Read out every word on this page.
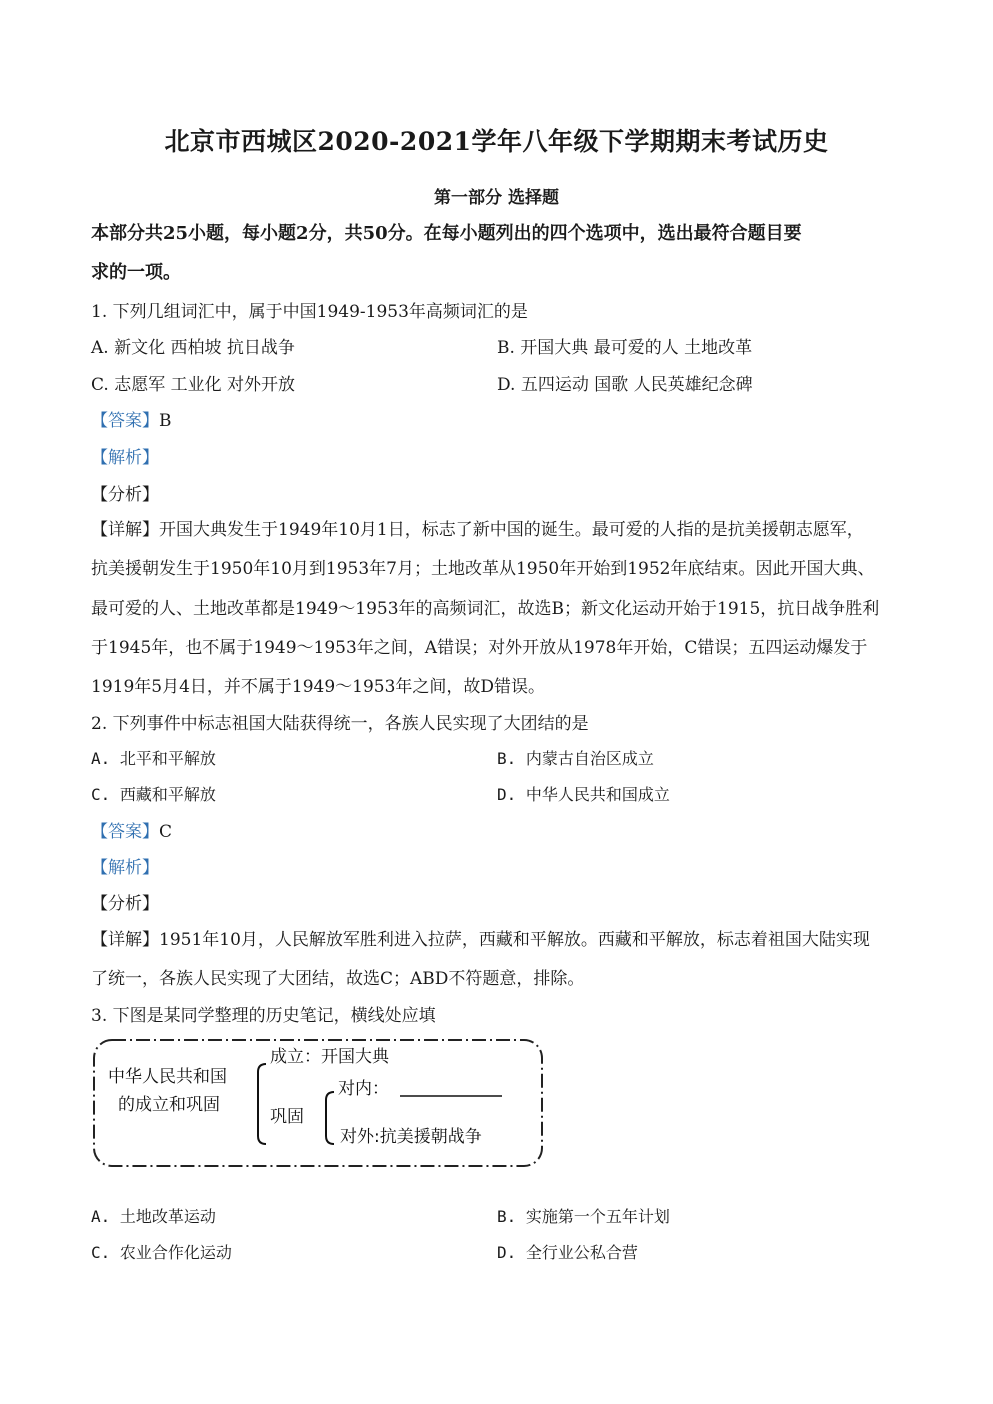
北京市西城区2020-2021学年八年级下学期期末考试历史
第一部分 选择题
本部分共25小题，每小题2分，共50分。在每小题列出的四个选项中，选出最符合题目要
求的一项。
1. 下列几组词汇中，属于中国1949-1953年高频词汇的是
A. 新文化 西柏坡 抗日战争	B. 开国大典 最可爱的人 土地改革
C. 志愿军 工业化 对外开放	D. 五四运动 国歌 人民英雄纪念碑
【答案】B
【解析】
【分析】
【详解】开国大典发生于1949年10月1日，标志了新中国的诞生。最可爱的人指的是抗美援朝志愿军，
抗美援朝发生于1950年10月到1953年7月；土地改革从1950年开始到1952年底结束。因此开国大典、
最可爱的人、土地改革都是1949～1953年的高频词汇，故选B；新文化运动开始于1915，抗日战争胜利
于1945年，也不属于1949～1953年之间，A错误；对外开放从1978年开始，C错误；五四运动爆发于
1919年5月4日，并不属于1949～1953年之间，故D错误。
2. 下列事件中标志祖国大陆获得统一，各族人民实现了大团结的是
A. 北平和平解放	B. 内蒙古自治区成立
C. 西藏和平解放	D. 中华人民共和国成立
【答案】C
【解析】
【分析】
【详解】1951年10月，人民解放军胜利进入拉萨，西藏和平解放。西藏和平解放，标志着祖国大陆实现
了统一，各族人民实现了大团结，故选C；ABD不符题意，排除。
3. 下图是某同学整理的历史笔记，横线处应填
中华人民共和国
的成立和巩固
成立：开国大典
巩固
对内：
对外:抗美援朝战争
A. 土地改革运动	B. 实施第一个五年计划
C. 农业合作化运动	D. 全行业公私合营
